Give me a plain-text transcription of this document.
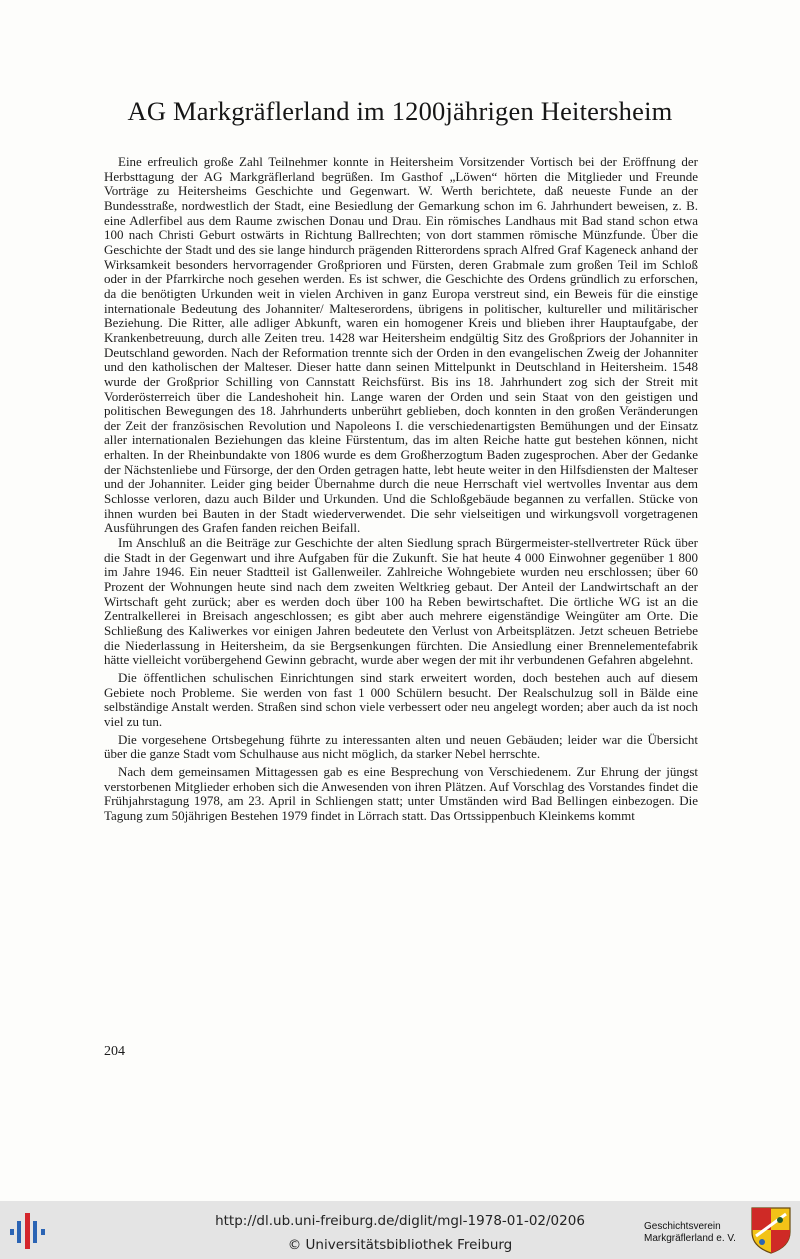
AG Markgräflerland im 1200jährigen Heitersheim

Eine erfreulich große Zahl Teilnehmer konnte in Heitersheim Vorsitzender Vortisch bei der Eröffnung der Herbsttagung der AG Markgräflerland begrüßen. Im Gasthof „Löwen“ hörten die Mitglieder und Freunde Vorträge zu Heitersheims Geschichte und Gegenwart. W. Werth berichtete, daß neueste Funde an der Bundesstraße, nordwestlich der Stadt, eine Besiedlung der Gemarkung schon im 6. Jahrhundert beweisen, z. B. eine Adlerfibel aus dem Raume zwischen Donau und Drau. Ein römisches Landhaus mit Bad stand schon etwa 100 nach Christi Geburt ostwärts in Richtung Ballrechten; von dort stammen römische Münzfunde. Über die Geschichte der Stadt und des sie lange hindurch prägenden Ritterordens sprach Alfred Graf Kageneck anhand der Wirksamkeit besonders hervorragender Großprioren und Fürsten, deren Grabmale zum großen Teil im Schloß oder in der Pfarrkirche noch gesehen werden. Es ist schwer, die Geschichte des Ordens gründlich zu erforschen, da die benötigten Urkunden weit in vielen Archiven in ganz Europa verstreut sind, ein Beweis für die einstige internationale Bedeutung des Johanniter/ Malteserordens, übrigens in politischer, kultureller und militärischer Beziehung. Die Ritter, alle adliger Abkunft, waren ein homogener Kreis und blieben ihrer Hauptaufgabe, der Krankenbetreuung, durch alle Zeiten treu. 1428 war Heitersheim endgültig Sitz des Großpriors der Johanniter in Deutschland geworden. Nach der Reformation trennte sich der Orden in den evangelischen Zweig der Johanniter und den katholischen der Malteser. Dieser hatte dann seinen Mittelpunkt in Deutschland in Heitersheim. 1548 wurde der Großprior Schilling von Cannstatt Reichsfürst. Bis ins 18. Jahrhundert zog sich der Streit mit Vorderösterreich über die Landeshoheit hin. Lange waren der Orden und sein Staat von den geistigen und politischen Bewegungen des 18. Jahrhunderts unberührt geblieben, doch konnten in den großen Veränderungen der Zeit der französischen Revolution und Napoleons I. die verschiedenartigsten Bemühungen und der Einsatz aller internationalen Beziehungen das kleine Fürstentum, das im alten Reiche hatte gut bestehen können, nicht erhalten. In der Rheinbundakte von 1806 wurde es dem Großherzogtum Baden zugesprochen. Aber der Gedanke der Nächstenliebe und Fürsorge, der den Orden getragen hatte, lebt heute weiter in den Hilfsdiensten der Malteser und der Johanniter. Leider ging beider Übernahme durch die neue Herrschaft viel wertvolles Inventar aus dem Schlosse verloren, dazu auch Bilder und Urkunden. Und die Schloßgebäude begannen zu verfallen. Stücke von ihnen wurden bei Bauten in der Stadt wiederverwendet. Die sehr vielseitigen und wirkungsvoll vorgetragenen Ausführungen des Grafen fanden reichen Beifall.

Im Anschluß an die Beiträge zur Geschichte der alten Siedlung sprach Bürgermeister-stellvertreter Rück über die Stadt in der Gegenwart und ihre Aufgaben für die Zukunft. Sie hat heute 4 000 Einwohner gegenüber 1 800 im Jahre 1946. Ein neuer Stadtteil ist Gallenweiler. Zahlreiche Wohngebiete wurden neu erschlossen; über 60 Prozent der Wohnungen heute sind nach dem zweiten Weltkrieg gebaut. Der Anteil der Landwirtschaft an der Wirtschaft geht zurück; aber es werden doch über 100 ha Reben bewirtschaftet. Die örtliche WG ist an die Zentralkellerei in Breisach angeschlossen; es gibt aber auch mehrere eigenständige Weingüter am Orte. Die Schließung des Kaliwerkes vor einigen Jahren bedeutete den Verlust von Arbeitsplätzen. Jetzt scheuen Betriebe die Niederlassung in Heitersheim, da sie Bergsenkungen fürchten. Die Ansiedlung einer Brennelementefabrik hätte vielleicht vorübergehend Gewinn gebracht, wurde aber wegen der mit ihr verbundenen Gefahren abgelehnt.

Die öffentlichen schulischen Einrichtungen sind stark erweitert worden, doch bestehen auch auf diesem Gebiete noch Probleme. Sie werden von fast 1 000 Schülern besucht. Der Realschulzug soll in Bälde eine selbständige Anstalt werden. Straßen sind schon viele verbessert oder neu angelegt worden; aber auch da ist noch viel zu tun.

Die vorgesehene Ortsbegehung führte zu interessanten alten und neuen Gebäuden; leider war die Übersicht über die ganze Stadt vom Schulhause aus nicht möglich, da starker Nebel herrschte.

Nach dem gemeinsamen Mittagessen gab es eine Besprechung von Verschiedenem. Zur Ehrung der jüngst verstorbenen Mitglieder erhoben sich die Anwesenden von ihren Plätzen. Auf Vorschlag des Vorstandes findet die Frühjahrstagung 1978, am 23. April in Schliengen statt; unter Umständen wird Bad Bellingen einbezogen. Die Tagung zum 50jährigen Bestehen 1979 findet in Lörrach statt. Das Ortssippenbuch Kleinkems kommt

204
http://dl.ub.uni-freiburg.de/diglit/mgl-1978-01-02/0206
© Universitätsbibliothek Freiburg
Geschichtsverein
Markgräflerland e. V.
